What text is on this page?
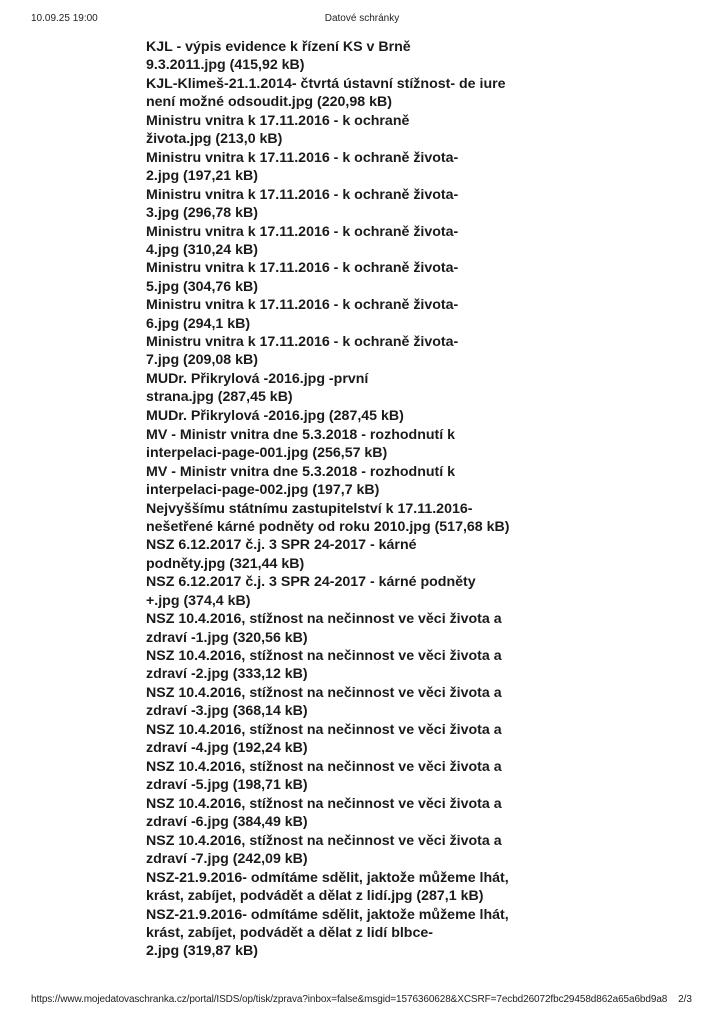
10.09.25 19:00	Datové schránky
KJL - výpis evidence k řízení KS v Brně
9.3.2011.jpg (415,92 kB)
KJL-Klimeš-21.1.2014- čtvrtá ústavní stížnost- de iure
není možné odsoudit.jpg (220,98 kB)
Ministru vnitra k 17.11.2016 - k ochraně
života.jpg (213,0 kB)
Ministru vnitra k 17.11.2016 - k ochraně života-
2.jpg (197,21 kB)
Ministru vnitra k 17.11.2016 - k ochraně života-
3.jpg (296,78 kB)
Ministru vnitra k 17.11.2016 - k ochraně života-
4.jpg (310,24 kB)
Ministru vnitra k 17.11.2016 - k ochraně života-
5.jpg (304,76 kB)
Ministru vnitra k 17.11.2016 - k ochraně života-
6.jpg (294,1 kB)
Ministru vnitra k 17.11.2016 - k ochraně života-
7.jpg (209,08 kB)
MUDr. Přikrylová -2016.jpg -první
strana.jpg (287,45 kB)
MUDr. Přikrylová -2016.jpg (287,45 kB)
MV - Ministr vnitra dne 5.3.2018 - rozhodnutí k
interpelaci-page-001.jpg (256,57 kB)
MV - Ministr vnitra dne 5.3.2018 - rozhodnutí k
interpelaci-page-002.jpg (197,7 kB)
Nejvyššímu státnímu zastupitelství k 17.11.2016-
nešetřené kárné podněty od roku 2010.jpg (517,68 kB)
NSZ 6.12.2017 č.j. 3 SPR 24-2017 - kárné
podněty.jpg (321,44 kB)
NSZ 6.12.2017 č.j. 3 SPR 24-2017 - kárné podněty
+.jpg (374,4 kB)
NSZ 10.4.2016, stížnost na nečinnost ve věci života a
zdraví -1.jpg (320,56 kB)
NSZ 10.4.2016, stížnost na nečinnost ve věci života a
zdraví -2.jpg (333,12 kB)
NSZ 10.4.2016, stížnost na nečinnost ve věci života a
zdraví -3.jpg (368,14 kB)
NSZ 10.4.2016, stížnost na nečinnost ve věci života a
zdraví -4.jpg (192,24 kB)
NSZ 10.4.2016, stížnost na nečinnost ve věci života a
zdraví -5.jpg (198,71 kB)
NSZ 10.4.2016, stížnost na nečinnost ve věci života a
zdraví -6.jpg (384,49 kB)
NSZ 10.4.2016, stížnost na nečinnost ve věci života a
zdraví -7.jpg (242,09 kB)
NSZ-21.9.2016- odmítáme sdělit, jaktože můžeme lhát,
krást, zabíjet, podvádět a dělat z lidí.jpg (287,1 kB)
NSZ-21.9.2016- odmítáme sdělit, jaktože můžeme lhát,
krást, zabíjet, podvádět a dělat z lidí blbce-
2.jpg (319,87 kB)
https://www.mojedatovaschranka.cz/portal/ISDS/op/tisk/zprava?inbox=false&msgid=1576360628&XCSRF=7ecbd26072fbc29458d862a65a6bd9a8 2/3
